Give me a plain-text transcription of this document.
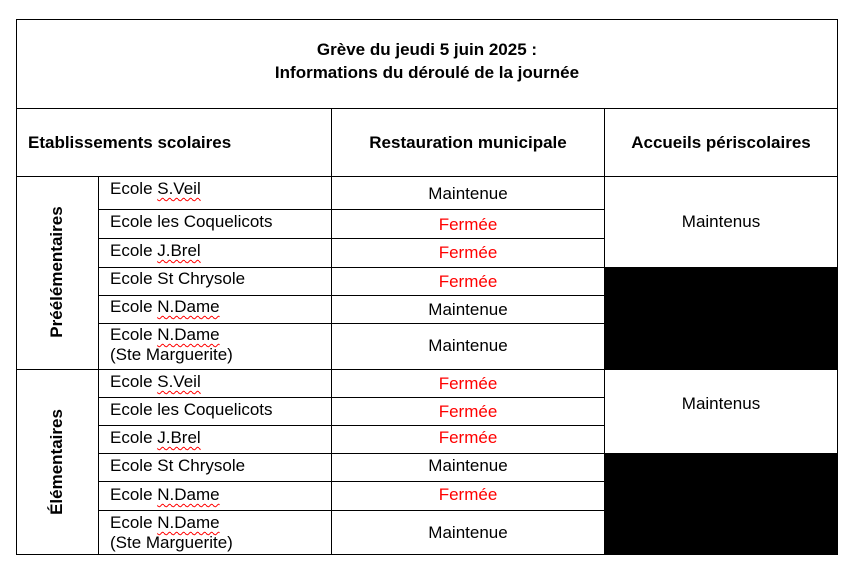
Grève du jeudi 5 juin 2025 :
Informations du déroulé de la journée
Etablissements scolaires	Restauration municipale	Accueils périscolaires
Préélémentaires
Élémentaires
Ecole S.Veil
Ecole les Coquelicots
Ecole J.Brel
Ecole St Chrysole
Ecole N.Dame
Ecole N.Dame
(Ste Marguerite)
Maintenue
Fermée
Fermée
Fermée
Maintenue
Maintenue
Maintenus
Ecole S.Veil
Ecole les Coquelicots
Ecole J.Brel
Ecole St Chrysole
Ecole N.Dame
Ecole N.Dame
(Ste Marguerite)
Fermée
Fermée
Fermée
Maintenue
Fermée
Maintenue
Maintenus
